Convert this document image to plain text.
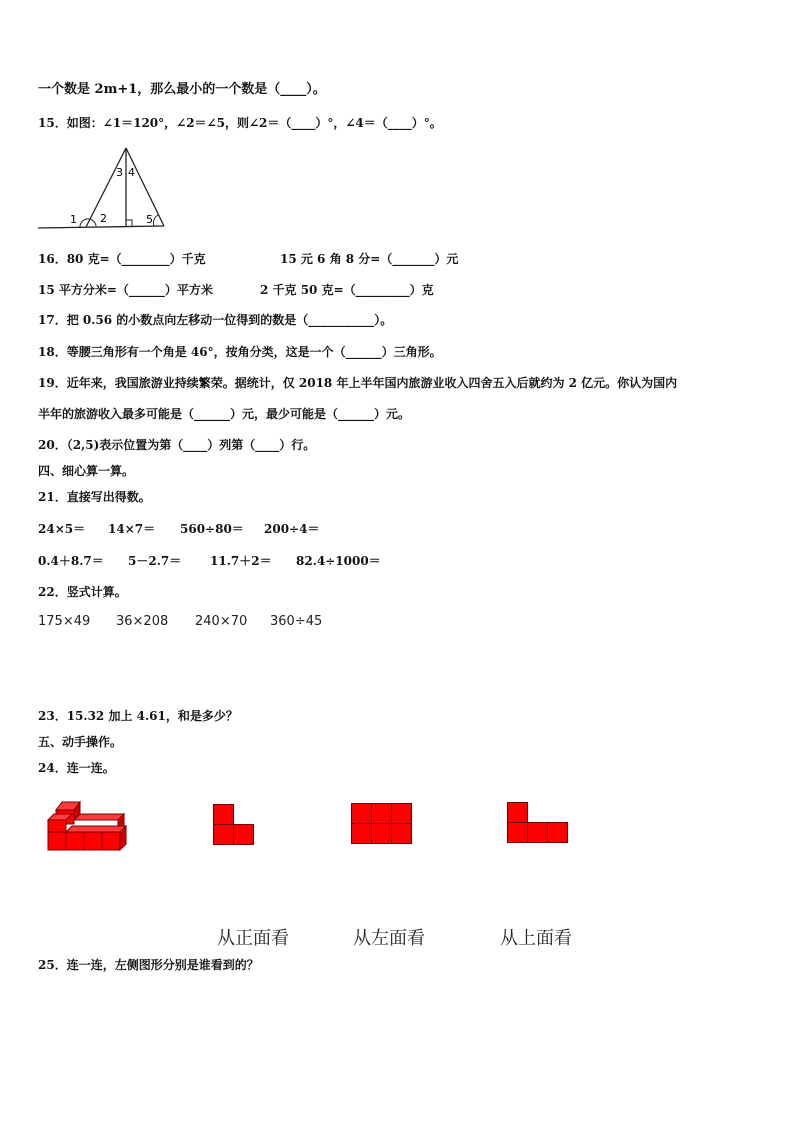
一个数是 2m+1，那么最小的一个数是（____）。
15．如图：∠1＝120°，∠2＝∠5，则∠2＝（____）°，∠4＝（____）°。
1 2
3 4
5
16．80 克=（________）千克	15 元 6 角 8 分=（_______）元
15 平方分米=（______）平方米	2 千克 50 克=（_________）克
17．把 0.56 的小数点向左移动一位得到的数是（___________）。
18．等腰三角形有一个角是 46°，按角分类，这是一个（______）三角形。
19．近年来，我国旅游业持续繁荣。据统计，仅 2018 年上半年国内旅游业收入四舍五入后就约为 2 亿元。你认为国内
半年的旅游收入最多可能是（______）元，最少可能是（______）元。
20．（2,5)表示位置为第（____）列第（____）行。
四、细心算一算。
21．直接写出得数。
24×5＝ 14×7＝ 560÷80＝ 200÷4＝
0.4＋8.7＝ 5－2.7＝ 11.7＋2＝ 82.4÷1000＝
22．竖式计算。
175×49 36×208 240×70 360÷45
23．15.32 加上 4.61，和是多少？
五、动手操作。
24．连一连。
从正面看	从左面看	从上面看
25．连一连，左侧图形分别是谁看到的？
